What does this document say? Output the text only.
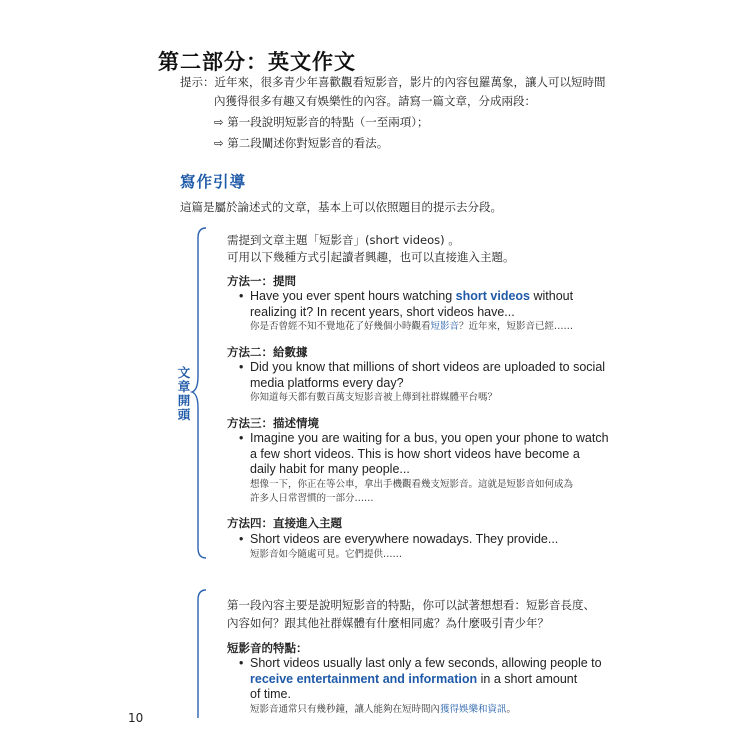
第二部分：英文作文
提示：近年來，很多青少年喜歡觀看短影音，影片的內容包羅萬象，讓人可以短時間
內獲得很多有趣又有娛樂性的內容。請寫一篇文章，分成兩段：
⇨ 第一段說明短影音的特點（一至兩項）；
⇨ 第二段闡述你對短影音的看法。
寫作引導
這篇是屬於論述式的文章，基本上可以依照題目的提示去分段。
文章開頭
需提到文章主題「短影音」(short videos) 。
可用以下幾種方式引起讀者興趣，也可以直接進入主題。
方法一：提問
• Have you ever spent hours watching short videos without
realizing it? In recent years, short videos have...
你是否曾經不知不覺地花了好幾個小時觀看短影音？近年來，短影音已經……
方法二：給數據
• Did you know that millions of short videos are uploaded to social
media platforms every day?
你知道每天都有數百萬支短影音被上傳到社群媒體平台嗎？
方法三：描述情境
• Imagine you are waiting for a bus, you open your phone to watch
a few short videos. This is how short videos have become a
daily habit for many people...
想像一下，你正在等公車，拿出手機觀看幾支短影音。這就是短影音如何成為
許多人日常習慣的一部分……
方法四：直接進入主題
• Short videos are everywhere nowadays. They provide...
短影音如今隨處可見。它們提供……
第一段內容主要是說明短影音的特點，你可以試著想想看：短影音長度、
內容如何？跟其他社群媒體有什麼相同處？為什麼吸引青少年？
短影音的特點：
• Short videos usually last only a few seconds, allowing people to
receive entertainment and information in a short amount
of time.
短影音通常只有幾秒鐘，讓人能夠在短時間內獲得娛樂和資訊。
10
